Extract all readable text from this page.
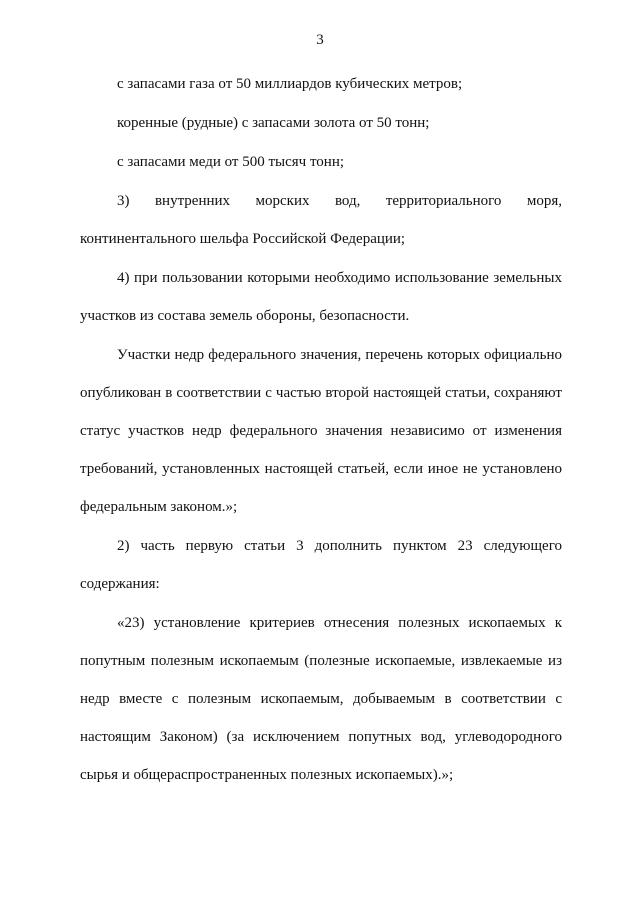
3
с запасами газа от 50 миллиардов кубических метров;
коренные (рудные) с запасами золота от 50 тонн;
с запасами меди от 500 тысяч тонн;
3) внутренних морских вод, территориального моря,
континентального шельфа Российской Федерации;
4) при пользовании которыми необходимо использование земельных
участков из состава земель обороны, безопасности.
Участки недр федерального значения, перечень которых официально
опубликован в соответствии с частью второй настоящей статьи, сохраняют
статус участков недр федерального значения независимо от изменения
требований, установленных настоящей статьей, если иное не установлено
федеральным законом.»;
2) часть первую статьи 3 дополнить пунктом 23 следующего
содержания:
«23) установление критериев отнесения полезных ископаемых к
попутным полезным ископаемым (полезные ископаемые, извлекаемые из
недр вместе с полезным ископаемым, добываемым в соответствии с
настоящим Законом) (за исключением попутных вод, углеводородного
сырья и общераспространенных полезных ископаемых).»;
